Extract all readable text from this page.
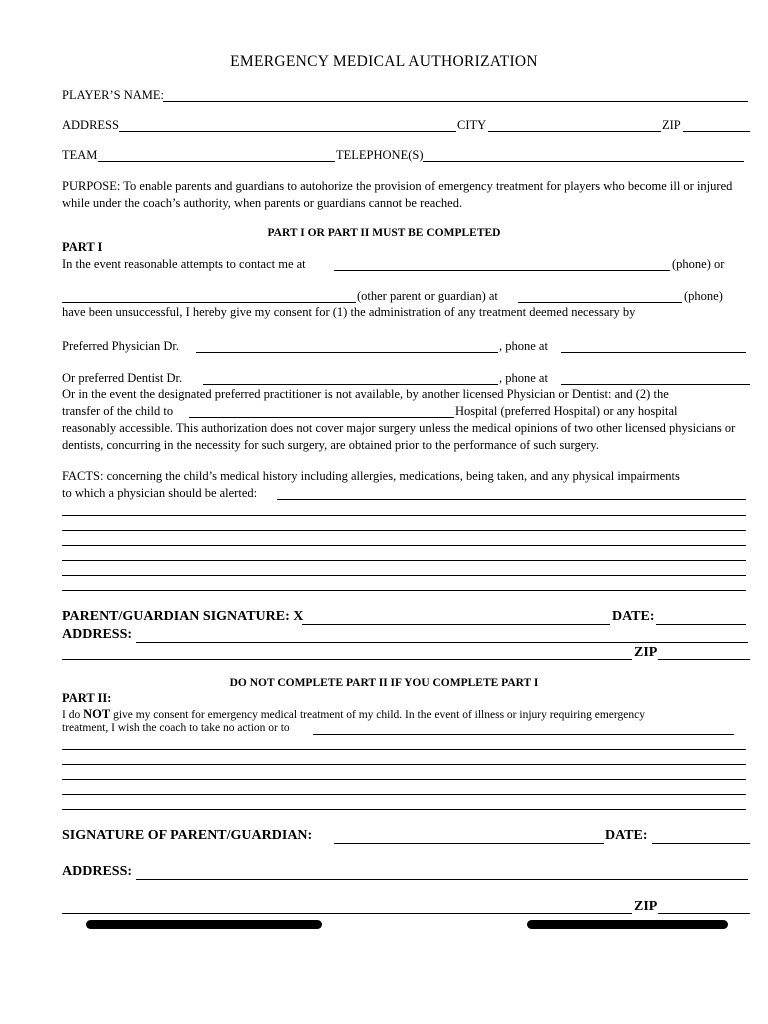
EMERGENCY MEDICAL AUTHORIZATION
PLAYER’S NAME:
ADDRESS	CITY	ZIP
TEAM	TELEPHONE(S)
PURPOSE: To enable parents and guardians to autohorize the provision of emergency treatment for players who become ill or injured while under the coach’s authority, when parents or guardians cannot be reached.
PART I OR PART II MUST BE COMPLETED
PART I
In the event reasonable attempts to contact me at	(phone) or
(other parent or guardian) at	(phone)
have been unsuccessful, I hereby give my consent for (1) the administration of any treatment deemed necessary by
Preferred Physician Dr.	, phone at
Or preferred Dentist Dr.	, phone at
Or in the event the designated preferred practitioner is not available, by another licensed Physician or Dentist: and (2) the
transfer of the child to	Hospital (preferred Hospital) or any hospital
reasonably accessible. This authorization does not cover major surgery unless the medical opinions of two other licensed physicians or dentists, concurring in the necessity for such surgery, are obtained prior to the performance of such surgery.
FACTS: concerning the child’s medical history including allergies, medications, being taken, and any physical impairments
to which a physician should be alerted:
PARENT/GUARDIAN SIGNATURE: X	DATE:
ADDRESS:
ZIP
DO NOT COMPLETE PART II IF YOU COMPLETE PART I
PART II:
I do NOT give my consent for emergency medical treatment of my child. In the event of illness or injury requiring emergency
treatment, I wish the coach to take no action or to
SIGNATURE OF PARENT/GUARDIAN:	DATE:
ADDRESS:
ZIP
